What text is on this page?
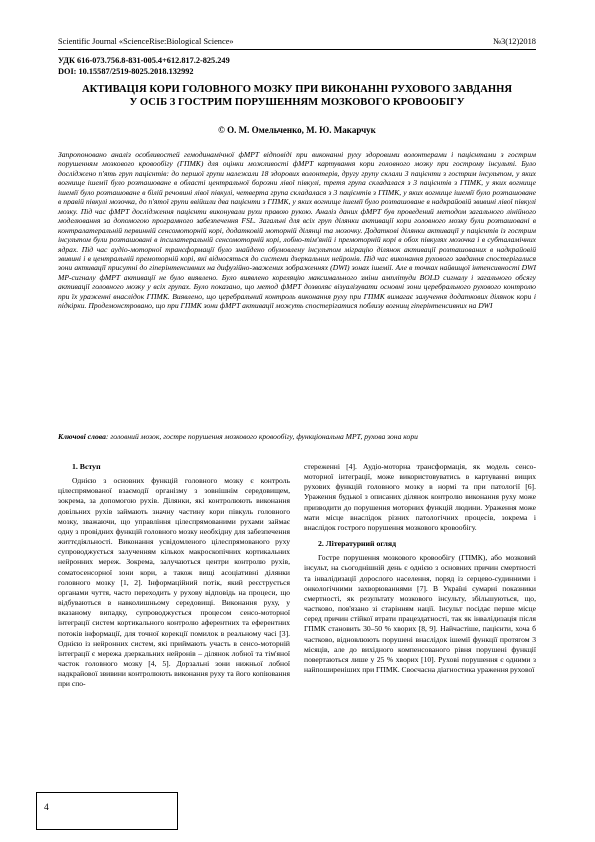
Scientific Journal «ScienceRise:Biological Science»	№3(12)2018
УДК 616-073.756.8-831-005.4+612.817.2-825.249
DOI: 10.15587/2519-8025.2018.132992
АКТИВАЦІЯ КОРИ ГОЛОВНОГО МОЗКУ ПРИ ВИКОНАННІ РУХОВОГО ЗАВДАННЯ
У ОСІБ З ГОСТРИМ ПОРУШЕННЯМ МОЗКОВОГО КРОВООБІГУ
© О. М. Омельченко, М. Ю. Макарчук
Запропоновано аналіз особливостей гемодинамічної фМРТ відповіді при виконанні руху здоровими волонтерами і пацієнтами з гострим порушенням мозкового кровообігу (ГПМК) для оцінки можливості фМРТ картування кори головного мозку при гострому інсульті. Було досліджено п'ять груп пацієнтів: до першої групи належали 18 здорових волонтерів, другу групу склали 3 пацієнти з гострим інсультом, у яких вогнище ішемії було розташоване в області центральної борозни лівої півкулі, третя група складалася з 3 пацієнтів з ГПМК, у яких вогнище ішемії було розташоване в білій речовині лівої півкулі, четверта група складалася з 3 пацієнтів з ГПМК, у яких вогнище ішемії було розташоване в правій півкулі мозочка, до п'ятої групи ввійшли два пацієнти з ГПМК, у яких вогнище ішемії було розташоване в надкрайовій звивині лівої півкулі мозку. Під час фМРТ дослідження пацієнти виконували рухи правою рукою. Аналіз даних фМРТ був проведений методом загального лінійного моделювання за допомогою програмного забезпечення FSL. Загальні для всіх груп ділянки активації кори головного мозку були розташовані в контралатеральній первинній сенсомоторній корі, додатковій моторній ділянці та мозочку. Додаткові ділянки активації у пацієнтів із гострим інсультом були розташовані в іпсилатеральній сенсомоторній корі, лобно-тім'яній і премоторній корі в обох півкулях мозочка і в субталамічних ядрах. Під час аудіо-моторної трансформації було знайдено обумовлену інсультом міграцію ділянок активації розташованих в надкрайовій звивині і в центральній премоторній корі, які відносяться до системи дзеркальних нейронів. Під час виконання рухового завдання спостерігалися зони активації присутні до гіперінтенсивних на дифузійно-зважених зображеннях (DWI) зонах ішемії. Але в точках найвищої інтенсивності DWI МР-сигналу фМРТ активації не було виявлено. Було виявлено кореляцію максимального зміни амплітуди BOLD сигналу і загального обсягу активації головного мозку у всіх групах. Було показано, що метод фМРТ дозволяє візуалізувати основні зони церебрального рухового контролю при їх ураженні внаслідок ГПМК. Виявлено, що церебральний контроль виконання руху при ГПМК вимагає залучення додаткових ділянок кори і підкірки. Продемонстровано, що при ГПМК зони фМРТ активації можуть спостерігатися поблизу вогнищ гіперінтенсивних на DWI
Ключові слова: головний мозок, гостре порушення мозкового кровообігу, функціональна МРТ, рухова зона кори
1. Вступ

Однією з основних функцій головного мозку є контроль цілеспрямованої взаємодії організму з зовнішнім середовищем, зокрема, за допомогою рухів. Ділянки, які контролюють виконання довільних рухів займають значну частину кори півкуль головного мозку, зважаючи, що управління цілеспрямованими рухами займає одну з провідних функцій головного мозку необхідну для забезпечення життєдіяльності. Виконання усвідомленого цілеспрямованого руху супроводжується залученням кількох макроскопічних кортикальних нейронних мереж. Зокрема, залучаються центри контролю рухів, соматосенсорної зони кори, а також вищі асоціативні ділянки головного мозку [1, 2]. Інформаційний потік, який реєструється органами чуття, часто переходить у рухову відповідь на процеси, що відбуваються в навколишньому середовищі. Виконання руху, у вказаному випадку, супроводжується процесом сенсо-моторної інтеграції систем кортикального контролю аферентних та еферентних потоків інформації, для точної корекції помилок в реальному часі [3]. Однією із нейронних систем, які приймають участь в сенсо-моторній інтеграції є мережа дзеркальних нейронів – ділянок лобної та тім'яної часток головного мозку [4, 5]. Дорзальні зони нижньої лобної надкрайової звивини контролюють виконання руху та його копіювання при спо-

стереженні [4]. Аудіо-моторна трансформація, як модель сенсо-моторної інтеграції, може використовуватись в картуванні вищих рухових функцій головного мозку в нормі та при патології [6]. Ураження будької з описаних ділянок контролю виконання руху може призводити до порушення моторних функцій людини. Ураження може мати місце внаслідок різних патологічних процесів, зокрема і внаслідок гострого порушення мозкового кровообігу.

2. Літературний огляд

Гостре порушення мозкового кровообігу (ГПМК), або мозковий інсульт, на сьогоднішній день є однією з основних причин смертності та інвалідизації дорослого населення, поряд із серцево-судинними і онкологічними захворюваннями [7]. В Україні сумарні показники смертності, як результату мозкового інсульту, збільшуються, що, частково, пов'язано зі старінням нації. Інсульт посідає перше місце серед причин стійкої втрати працездатності, так як інвалідизація після ГПМК становить 30–50 % хворих [8, 9]. Найчастіше, пацієнти, хоча б частково, відновлюють порушені внаслідок ішемії функції протягом 3 місяців, але до вихідного компенсованого рівня порушені функції повертаються лише у 25 % хворих [10]. Рухові порушення є одними з найпоширеніших при ГПМК. Своєчасна діагностика ураження рухової

4
